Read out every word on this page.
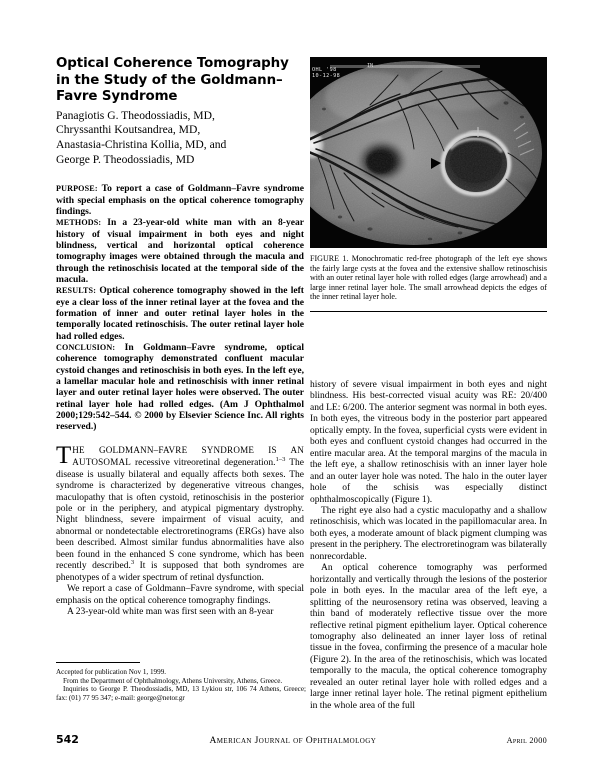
Optical Coherence Tomography in the Study of the Goldmann–Favre Syndrome
Panagiotis G. Theodossiadis, MD,
Chryssanthi Koutsandrea, MD,
Anastasia-Christina Kollia, MD, and
George P. Theodossiadis, MD

PURPOSE: To report a case of Goldmann–Favre syndrome with special emphasis on the optical coherence tomography findings.

METHODS: In a 23-year-old white man with an 8-year history of visual impairment in both eyes and night blindness, vertical and horizontal optical coherence tomography images were obtained through the macula and through the retinoschisis located at the temporal side of the macula.

RESULTS: Optical coherence tomography showed in the left eye a clear loss of the inner retinal layer at the fovea and the formation of inner and outer retinal layer holes in the temporally located retinoschisis. The outer retinal layer hole had rolled edges.

CONCLUSION: In Goldmann–Favre syndrome, optical coherence tomography demonstrated confluent macular cystoid changes and retinoschisis in both eyes. In the left eye, a lamellar macular hole and retinoschisis with inner retinal layer and outer retinal layer holes were observed. The outer retinal layer hole had rolled edges. (Am J Ophthalmol 2000;129:542–544. © 2000 by Elsevier Science Inc. All rights reserved.)

THE GOLDMANN–FAVRE SYNDROME IS AN AUTOSOMAL recessive vitreoretinal degeneration.$^{1-3}$ The disease is usually bilateral and equally affects both sexes. The syndrome is characterized by degenerative vitreous changes, maculopathy that is often cystoid, retinoschisis in the posterior pole or in the periphery, and atypical pigmentary dystrophy. Night blindness, severe impairment of visual acuity, and abnormal or nondetectable electroretinograms (ERGs) have also been described. Almost similar fundus abnormalities have also been found in the enhanced S cone syndrome, which has been recently described.$^3$ It is supposed that both syndromes are phenotypes of a wider spectrum of retinal dysfunction.

We report a case of Goldmann–Favre syndrome, with special emphasis on the optical coherence tomography findings.

A 23-year-old white man was first seen with an 8-year

Accepted for publication Nov 1, 1999.

From the Department of Ophthalmology, Athens University, Athens, Greece.

Inquiries to George P. Theodossiadis, MD, 13 Lykiou str, 106 74 Athens, Greece; fax: (01) 77 95 347; e-mail: george@netor.gr

OHL '98
10-12-98
IN
FIGURE 1. Monochromatic red-free photograph of the left eye shows the fairly large cysts at the fovea and the extensive shallow retinoschisis with an outer retinal layer hole with rolled edges (large arrowhead) and a large inner retinal layer hole. The small arrowhead depicts the edges of the inner retinal layer hole.

history of severe visual impairment in both eyes and night blindness. His best-corrected visual acuity was RE: 20/400 and LE: 6/200. The anterior segment was normal in both eyes. In both eyes, the vitreous body in the posterior part appeared optically empty. In the fovea, superficial cysts were evident in both eyes and confluent cystoid changes had occurred in the entire macular area. At the temporal margins of the macula in the left eye, a shallow retinoschisis with an inner layer hole and an outer layer hole was noted. The halo in the outer layer hole of the schisis was especially distinct ophthalmoscopically (Figure 1).

The right eye also had a cystic maculopathy and a shallow retinoschisis, which was located in the papillomacular area. In both eyes, a moderate amount of black pigment clumping was present in the periphery. The electroretinogram was bilaterally nonrecordable.

An optical coherence tomography was performed horizontally and vertically through the lesions of the posterior pole in both eyes. In the macular area of the left eye, a splitting of the neurosensory retina was observed, leaving a thin band of moderately reflective tissue over the more reflective retinal pigment epithelium layer. Optical coherence tomography also delineated an inner layer loss of retinal tissue in the fovea, confirming the presence of a macular hole (Figure 2). In the area of the retinoschisis, which was located temporally to the macula, the optical coherence tomography revealed an outer retinal layer hole with rolled edges and a large inner retinal layer hole. The retinal pigment epithelium in the whole area of the full

542	American Journal of Ophthalmology	April 2000
